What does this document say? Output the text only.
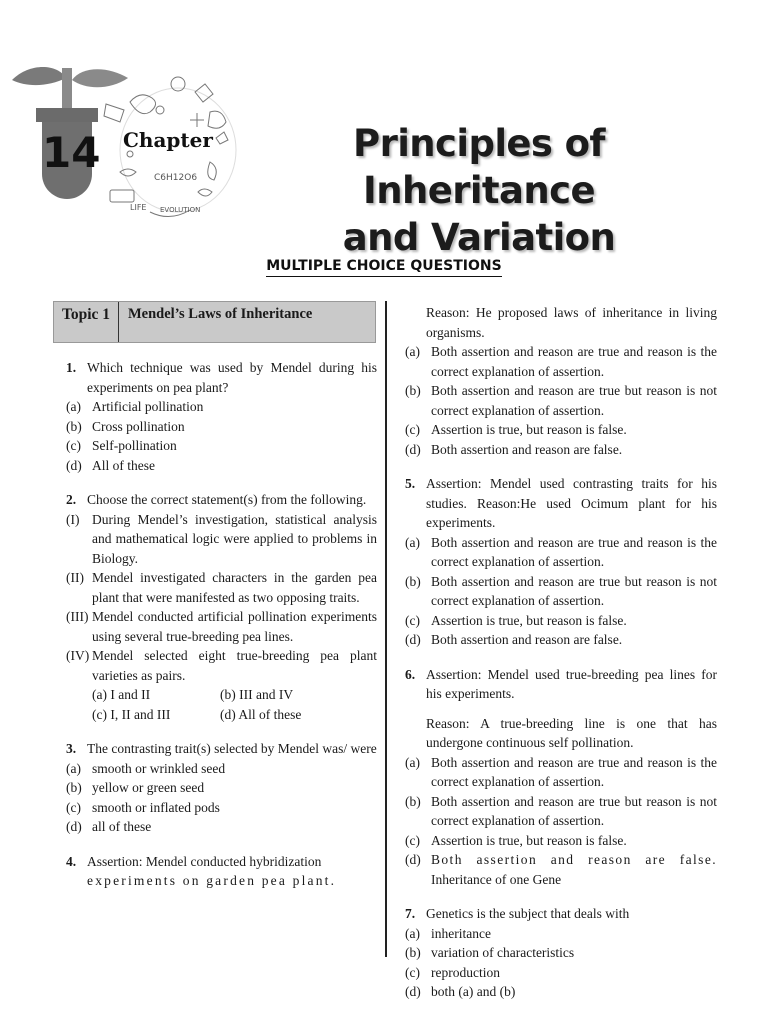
C6H12O6
LIFE EVOLUTION
14 Chapter	Principles of Inheritance
and Variation
MULTIPLE CHOICE QUESTIONS
Topic 1 Mendel’s Laws of Inheritance
1. Which technique was used by Mendel during his experiments on pea plant?
(a) Artificial pollination
(b) Cross pollination
(c) Self-pollination
(d) All of these
2. Choose the correct statement(s) from the following.
(I) During Mendel’s investigation, statistical analysis and mathematical logic were applied to problems in Biology.
(II) Mendel investigated characters in the garden pea plant that were manifested as two opposing traits.
(III) Mendel conducted artificial pollination experiments using several true-breeding pea lines.
(IV) Mendel selected eight true-breeding pea plant varieties as pairs.
(a) I and II	(b) III and IV
(c) I, II and III	(d) All of these
3. The contrasting trait(s) selected by Mendel was/ were
(a) smooth or wrinkled seed
(b) yellow or green seed
(c) smooth or inflated pods
(d) all of these
4. Assertion: Mendel conducted hybridization
experiments on garden pea plant.
Reason: He proposed laws of inheritance in living organisms.
(a) Both assertion and reason are true and reason is the correct explanation of assertion.
(b) Both assertion and reason are true but reason is not correct explanation of assertion.
(c) Assertion is true, but reason is false.
(d) Both assertion and reason are false.
5. Assertion: Mendel used contrasting traits for his studies. Reason:He used Ocimum plant for his experiments.
(a) Both assertion and reason are true and reason is the correct explanation of assertion.
(b) Both assertion and reason are true but reason is not correct explanation of assertion.
(c) Assertion is true, but reason is false.
(d) Both assertion and reason are false.
6. Assertion: Mendel used true-breeding pea lines for his experiments.
Reason: A true-breeding line is one that has undergone continuous self pollination.
(a) Both assertion and reason are true and reason is the correct explanation of assertion.
(b) Both assertion and reason are true but reason is not correct explanation of assertion.
(c) Assertion is true, but reason is false.
(d) Both assertion and reason are false. Inheritance of one Gene
7. Genetics is the subject that deals with
(a) inheritance
(b) variation of characteristics
(c) reproduction
(d) both (a) and (b)
